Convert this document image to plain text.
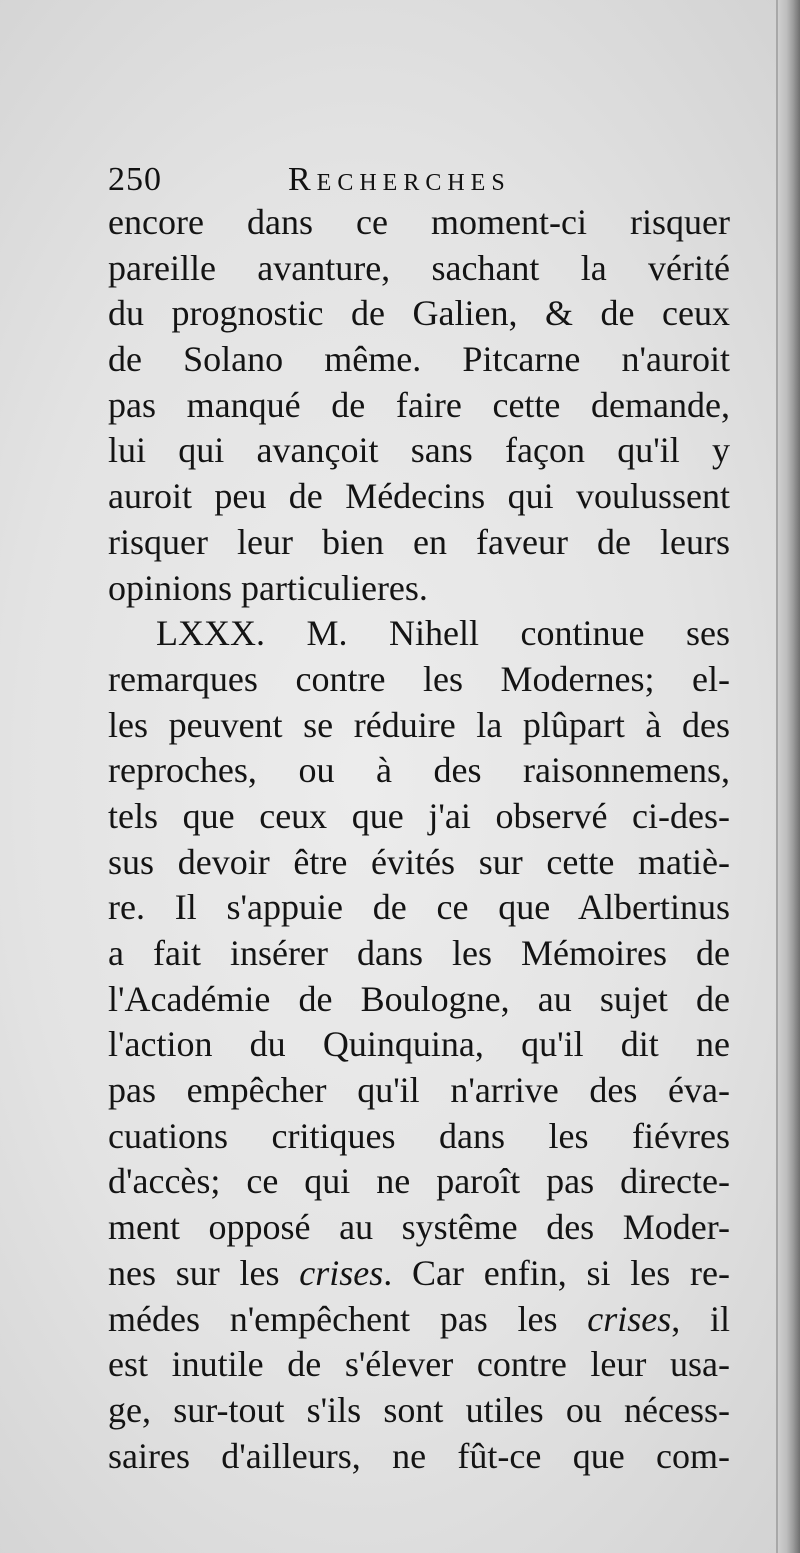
250	Recherches
encore dans ce moment-ci risquer
pareille avanture, sachant la vérité
du prognostic de Galien, & de ceux
de Solano même. Pitcarne n'auroit
pas manqué de faire cette demande,
lui qui avançoit sans façon qu'il y
auroit peu de Médecins qui voulussent
risquer leur bien en faveur de leurs
opinions particulieres.
LXXX. M. Nihell continue ses
remarques contre les Modernes; el-
les peuvent se réduire la plûpart à des
reproches, ou à des raisonnemens,
tels que ceux que j'ai observé ci-des-
sus devoir être évités sur cette matiè-
re. Il s'appuie de ce que Albertinus
a fait insérer dans les Mémoires de
l'Académie de Boulogne, au sujet de
l'action du Quinquina, qu'il dit ne
pas empêcher qu'il n'arrive des éva-
cuations critiques dans les fiévres
d'accès; ce qui ne paroît pas directe-
ment opposé au systême des Moder-
nes sur les crises. Car enfin, si les re-
médes n'empêchent pas les crises, il
est inutile de s'élever contre leur usa-
ge, sur-tout s'ils sont utiles ou nécess-
saires d'ailleurs, ne fût-ce que com-
